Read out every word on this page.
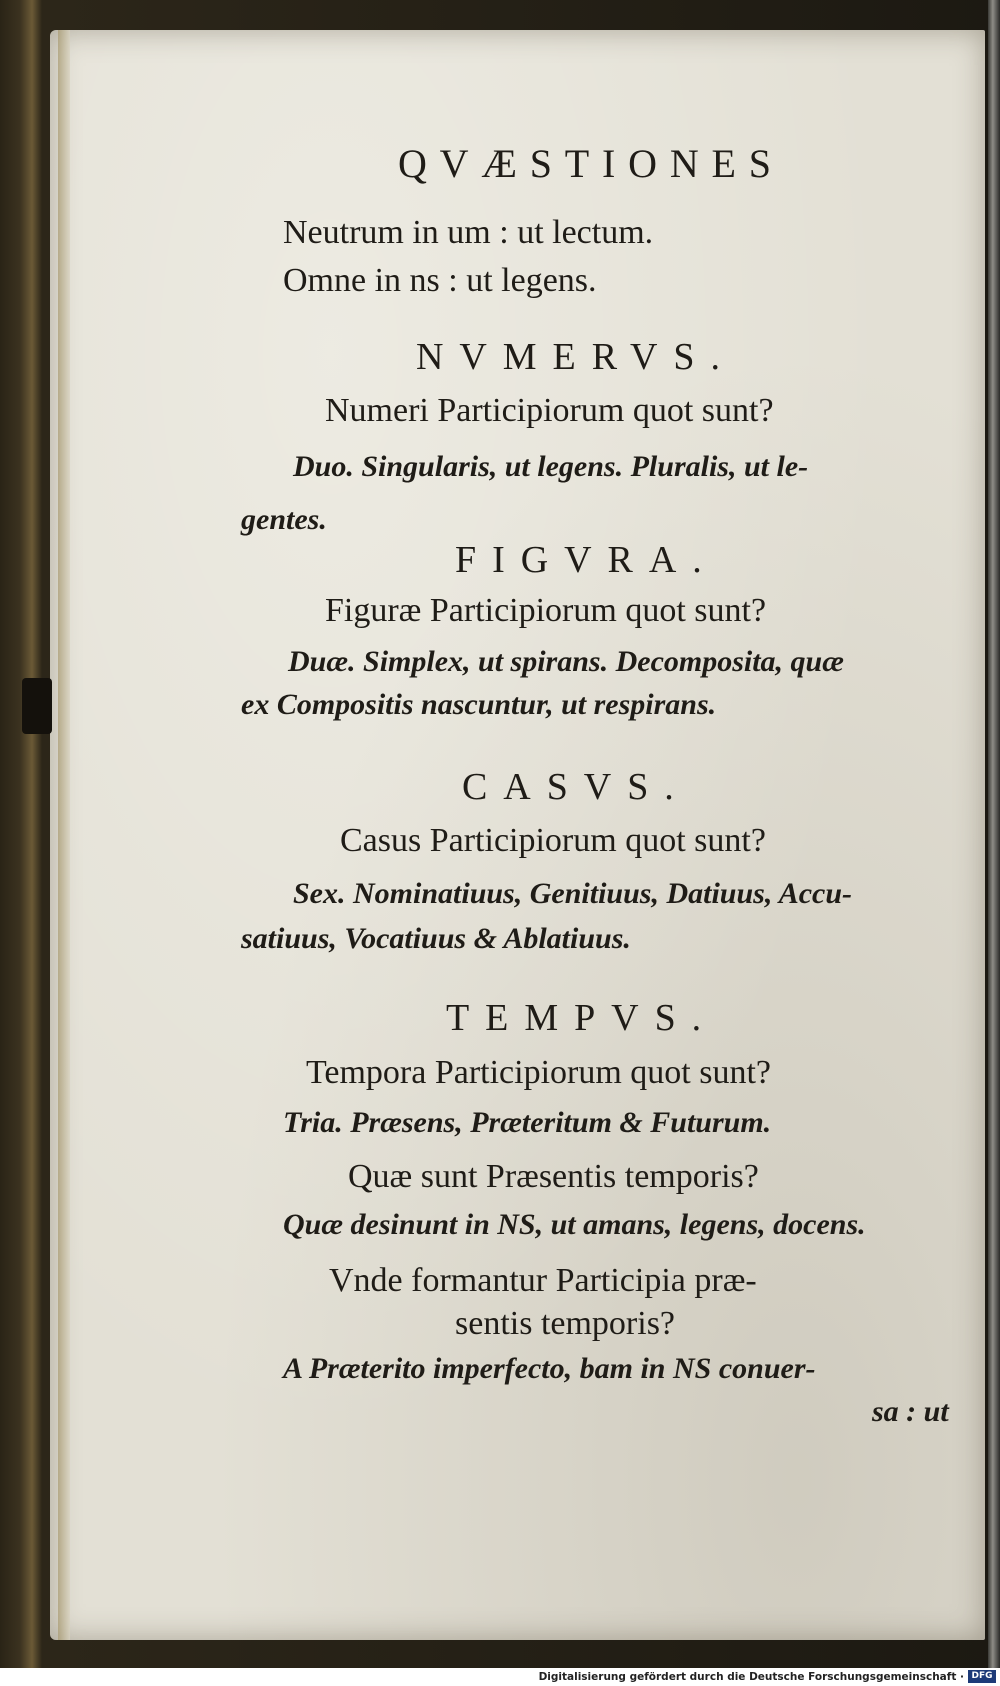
QVÆSTIONES
Neutrum in um : ut lectum.
Omne in ns : ut legens.
NVMERVS.
Numeri Participiorum quot sunt?
Duo. Singularis, ut legens. Pluralis, ut le-
gentes.
FIGVRA.
Figuræ Participiorum quot sunt?
Duæ. Simplex, ut spirans. Decomposita, quæ
ex Compositis nascuntur, ut respirans.
CASVS.
Casus Participiorum quot sunt?
Sex. Nominatiuus, Genitiuus, Datiuus, Accu-
satiuus, Vocatiuus & Ablatiuus.
TEMPVS.
Tempora Participiorum quot sunt?
Tria. Præsens, Præteritum & Futurum.
Quæ sunt Præsentis temporis?
Quæ desinunt in NS, ut amans, legens, docens.
Vnde formantur Participia præ-
sentis temporis?
A Præterito imperfecto, bam in NS conuer-
sa : ut
Digitalisierung gefördert durch die Deutsche Forschungsgemeinschaft · DFG
